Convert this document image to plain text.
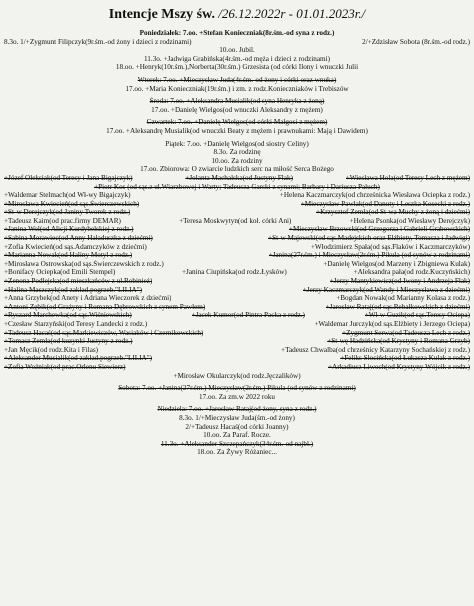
Intencje Mszy św. /26.12.2022r - 01.01.2023r./
Poniedziałek: 7.oo. +Stefan Konieczniak(8r.śm.-od syna z rodz.)
8.3o. 1/+Zygmunt Filipczyk(9r.śm.-od żony i dzieci z rodzinami)	2/+Zdzisław Sobota (8r.śm.-od rodz.)
10.oo. Jubil.
11.3o. +Jadwiga Grabińska(4r.śm.-od męża i dzieci z rodzinami)
18.oo. +Henryk(10r.śm.),Norberta(30r.śm.) Grzesista (od córki Ilony i wnuczki Julii
Wtorek: 7.oo. +Mieczysław Juda(4r.śm.-od żony i córki oraz wnuka)
17.oo. +Maria Konieczniak(19r.śm.) i zm. z rodz.Konieczniaków i Trebiszów
Środa: 7.oo. +Aleksandra Musialik(od syna Henryka z żoną)
17.oo. +Danielę Wielgos(od wnuczki Aleksandry z mężem)
Czwartek: 7.oo. +Danielę Wielgos(od córki Małgosi z mężem)
17.oo. +Aleksandrę Musialik(od wnuczki Beaty z mężem i prawnukami: Mają i Dawidem)
Piątek: 7.oo. +Danielę Wielgos(od siostry Celiny)
8.3o. Za rodzinę
10.oo. Za rodziny
17.oo. Zbiorowa: O zwiarcie ludzkich serc na miłość Serca Bożego
+Józef Oleksiak(od Teresy i Jana Bigajczyk)	+Jolanta Machalska(od Justyny Flak)	+Wiesława Hola(od Teresy Lech z mężem)
+Piotr Kos (od sąs.z ul.Wiarzbowej i Warty; Tadeusza Garski z synami; Barbary i Dariusza Paluch)
+Waldemar Stelmach(od Wł-wy Bigajczyk)	+Helena Kaczmarczyk(od chrześnicka Wiesława Ociepka z rodz.)
+Mirosława Kwiecień(od sąs.Świerczewskich)	+Mieczysław Pawlak(od Danuty i Leszka Kosecki z rodz.)
+St-w Derejczyk(od Janiny Tworek z rodz.)	+Krzysztof Zemła(od St-wa Muchy z żoną i dziećmi)
+Tadeusz Kaim(od prac.firmy DEMAR)	+Teresa Moskwytyn(od koł. córki Ani)	+Helena Psonka(od Wiesławy Derejczyk)
+Janina Wol(od Alicji Kurdybelskiej z rodz.)	+Mieczysław Brzowski(od Grzegorza i Gabrieli Grabowskich)
+Sabina Morawiec(od Anny Haładuszka z dziećmi)	+St-w Majewski(od sąs.Madejskich oraz Elżbiety, Tomasza i Jadwigi)
+Zofia Kwiecień(od sąs.Adamczyków z dziećmi)	+Włodzimierz Spała(od sąs.Flaków i Kaczmarczyków)
+Marianna Nowak(od Haliny Motyl z rodz.)	+Janina(27r.śm.) i Mieczysław(2r.śm.) Pikula (od synów z rodzinami)
+Mirosława Ostrowska(od sąs.Świerczewskich z rodz.)	+Danielę Wielgos(od Marzeny i Zbigniewa Kulak)
+Bonifacy Ociepka(od Emili Stempel)	+Janina Ciupińska(od rodz.Łysków)	+Aleksandra pała(od rodz.Kuczyńskich)
+Zenona Podlejska(od mieszkańców z ul.Robinież)	+Jerzy Mantykiewicz(od Iwony i Andrzeja Flak)
+Halina Maszczyk(od zakład.pogrzeb."LILIA")	+Jerzy Kaczmarczyk(od Wandy i Mieczysława z dziećmi)
+Anna Grzybek(od Anety i Adriana Wieczorek z dziećmi)	+Bogdan Nowak(od Marianny Kolasa z rodz.)
+Antoni Zębik(od Grażyny i Romana Dębrowskich z synem Pawłem)	+Jarosław Rataj(od sąs.Rebałkowskich z dziećmi)
+Ryszard Marchewka(od sąs.Wiśniewskich)	+Jacek Kumor(od Pintra Packa z rodz.)	+Wł-w Guzik(od sąs.Teresy Ociepa)
+Czesław Starzyński(od Teresy Landecki z rodz.)	+Waldemar Jurczyk(od sąs.Elżbiety i Jerzego Ociepa)
+Tadeusz Hacaś(od sąs.Markiewiczów, Wasiaków i Czernikowskich)	+Zygmunt Serwa(od Tadeusza Lech z rodz.)
+Tomasz Zemła(od kuzynki Justyny z rodz.)	+St-wę Hadzińska(od Krystyny i Romana Grzyb)
+Jan Męcik(od rodz.Kita i Filas)	+Tadeusz Chwalba(od chrześnicy Katarzyny Sochańskiej z rodz.)
+Aleksander Musialik(od zakład.pogrzeb."LILIA")	+Feliks Słocińska(od Łukasza Kulak z rodz.)
+Zofia Woźniak(od prac.Orlenu Siewierz)	+Arkadiusz Liwoch(od Krystyny Wójcik z rodz.)
+Mirosław Okularczyk(od rodz.Jęczalików)
Sobota: 7.oo. +Janina(27r.śm.) Mieczysław(2r.śm.) Pikula (od synów z rodzinami)
17.oo. Za zm.w 2022 roku
Niedziela: 7.oo. +Jarosław Rataj(od żony, syna z rodz.)
8.3o. 1/+Mieczysław Juda(śm.-od żony)
2/+Tadeusz Hacaś(od córki Joanny)
10.oo. Za Paraf. Rocze.
11.3o. +Aleksander Szczepańczyk(34r.śm.-od najbl.)
18.oo. Za Żywy Różaniec...
